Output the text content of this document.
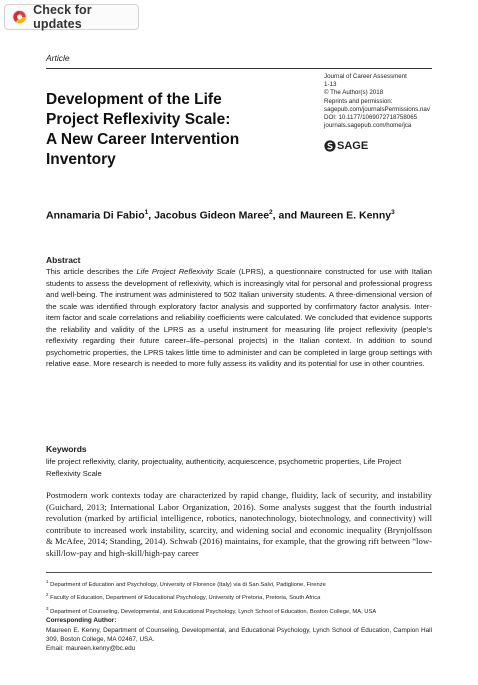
Check for updates
Article
Development of the Life
Project Reflexivity Scale:
A New Career Intervention
Inventory
Journal of Career Assessment
1-13
© The Author(s) 2018
Reprints and permission:
sagepub.com/journalsPermissions.nav
DOI: 10.1177/1069072718758065
journals.sagepub.com/home/jca
SAGE
Annamaria Di Fabio$^1$, Jacobus Gideon Maree$^2$, and Maureen E. Kenny$^3$
Abstract
This article describes the Life Project Reflexivity Scale (LPRS), a questionnaire constructed for use with Italian students to assess the development of reflexivity, which is increasingly vital for personal and professional progress and well-being. The instrument was administered to 502 Italian university students. A three-dimensional version of the scale was identified through exploratory factor analysis and supported by confirmatory factor analysis. Inter-item factor and scale correlations and reliability coefficients were calculated. We concluded that evidence supports the reliability and validity of the LPRS as a useful instrument for measuring life project reflexivity (people’s reflexivity regarding their future career–life–personal projects) in the Italian context. In addition to sound psychometric properties, the LPRS takes little time to administer and can be completed in large group settings with relative ease. More research is needed to more fully assess its validity and its potential for use in other countries.
Keywords
life project reflexivity, clarity, projectuality, authenticity, acquiescence, psychometric properties, Life Project Reflexivity Scale
Postmodern work contexts today are characterized by rapid change, fluidity, lack of security, and instability (Guichard, 2013; International Labor Organization, 2016). Some analysts suggest that the fourth industrial revolution (marked by artificial intelligence, robotics, nanotechnology, biotechnology, and connectivity) will contribute to increased work instability, scarcity, and widening social and economic inequality (Brynjolfsson & McAfee, 2014; Standing, 2014). Schwab (2016) maintains, for example, that the growing rift between “low-skill/low-pay and high-skill/high-pay career
$^1$ Department of Education and Psychology, University of Florence (Italy) via di San Salvi, Padiglione, Firenze
$^2$ Faculty of Education, Department of Educational Psychology, University of Pretoria, Pretoria, South Africa
$^3$ Department of Counseling, Developmental, and Educational Psychology, Lynch School of Education, Boston College, MA, USA
Corresponding Author:
Maureen E. Kenny, Department of Counseling, Developmental, and Educational Psychology, Lynch School of Education, Campion Hall 309, Boston College, MA 02467, USA.
Email: maureen.kenny@bc.edu
